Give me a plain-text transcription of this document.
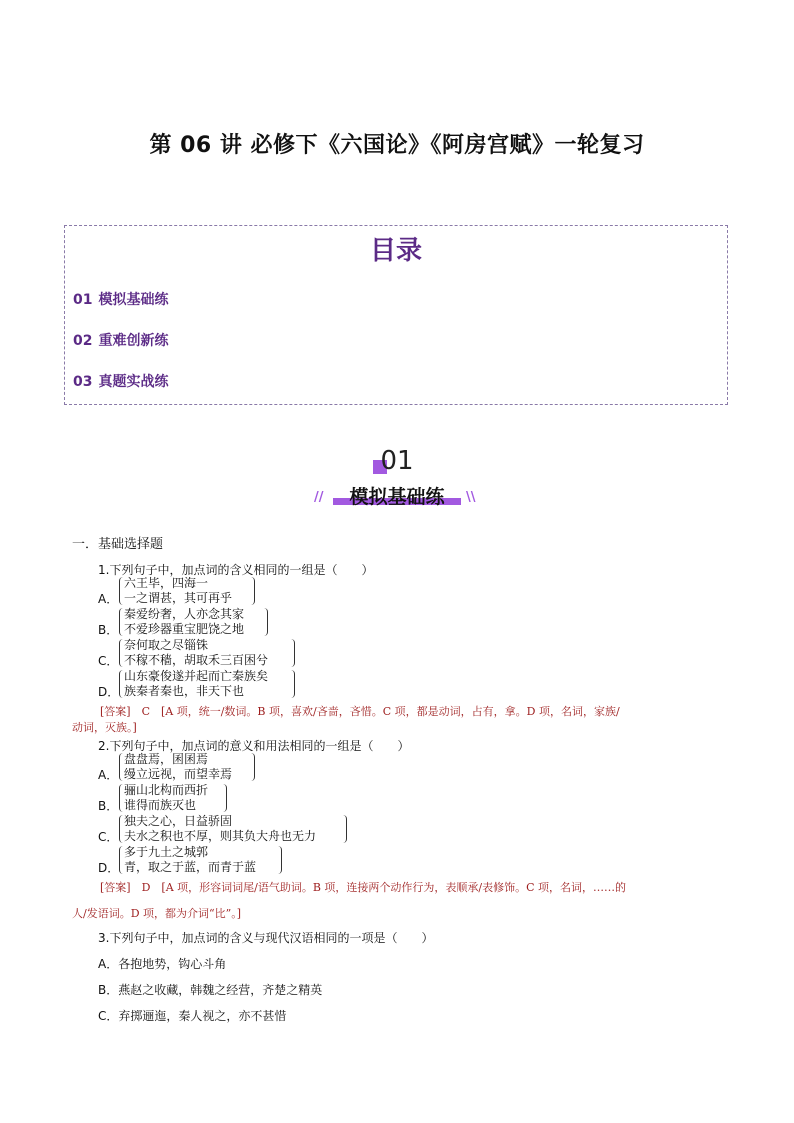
第 06 讲 必修下《六国论》《阿房宫赋》一轮复习
目录
01 模拟基础练
02 重难创新练
03 真题实战练
01
//	模拟基础练	\\
一．基础选择题
1.下列句子中，加点词的含义相同的一组是（　　）
A．
六王毕，四海一
一之谓甚，其可再乎
B．
秦爱纷奢，人亦念其家
不爱珍器重宝肥饶之地
C．
奈何取之尽锱铢
不稼不穑，胡取禾三百困兮
D．
山东豪俊遂并起而亡秦族矣
族秦者秦也，非天下也
[答案]　C　[A 项，统一/数词。B 项，喜欢/吝啬，吝惜。C 项，都是动词，占有，拿。D 项，名词，家族/
动词，灭族。]
2.下列句子中，加点词的意义和用法相同的一组是（　　）
A．
盘盘焉，囷囷焉
缦立远视，而望幸焉
B．
骊山北构而西折
谁得而族灭也
C．
独夫之心，日益骄固
夫水之积也不厚，则其负大舟也无力
D．
多于九土之城郭
青，取之于蓝，而青于蓝
[答案]　D　[A 项，形容词词尾/语气助词。B 项，连接两个动作行为，表顺承/表修饰。C 项，名词，……的
人/发语词。D 项，都为介词“比”。]
3.下列句子中，加点词的含义与现代汉语相同的一项是（　　）
A．各抱地势，钩心斗角
B．燕赵之收藏，韩魏之经营，齐楚之精英
C．弃掷逦迤，秦人视之，亦不甚惜
